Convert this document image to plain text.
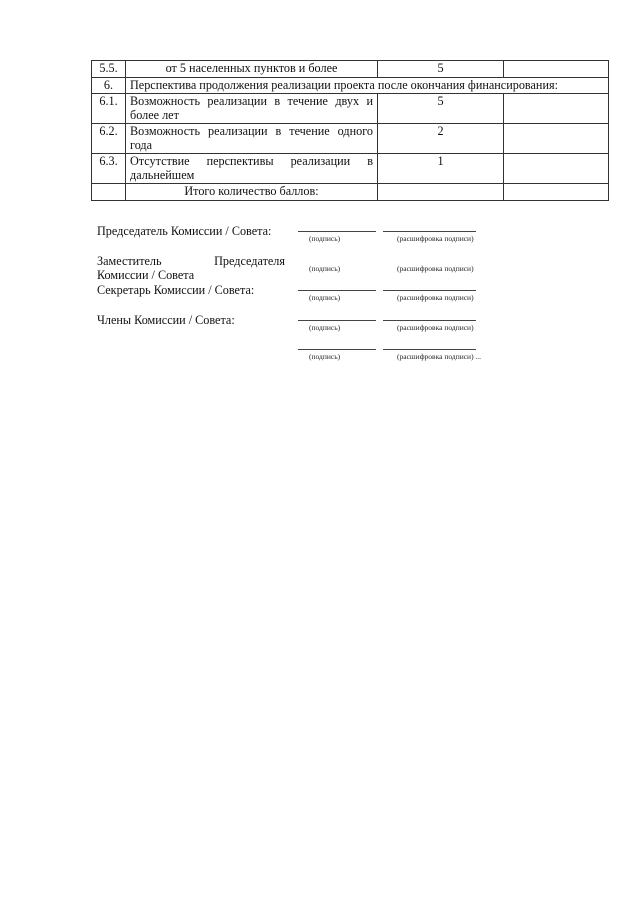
5.5.	от 5 населенных пунктов и более	5	
6.	Перспектива продолжения реализации проекта после окончания финансирования:		
6.1.	Возможность реализации в течение двух и более лет	5	
6.2.	Возможность реализации в течение одного года	2	
6.3.	Отсутствие перспективы реализации в дальнейшем	1	
	Итого количество баллов:		
Председатель Комиссии / Совета:
(подпись)	(расшифровка подписи)
Заместитель	Председателя
Комиссии / Совета	(подпись)	(расшифровка подписи)
Секретарь Комиссии / Совета:
(подпись)	(расшифровка подписи)
Члены Комиссии / Совета:
(подпись)	(расшифровка подписи)
(подпись)	(расшифровка подписи) ...
